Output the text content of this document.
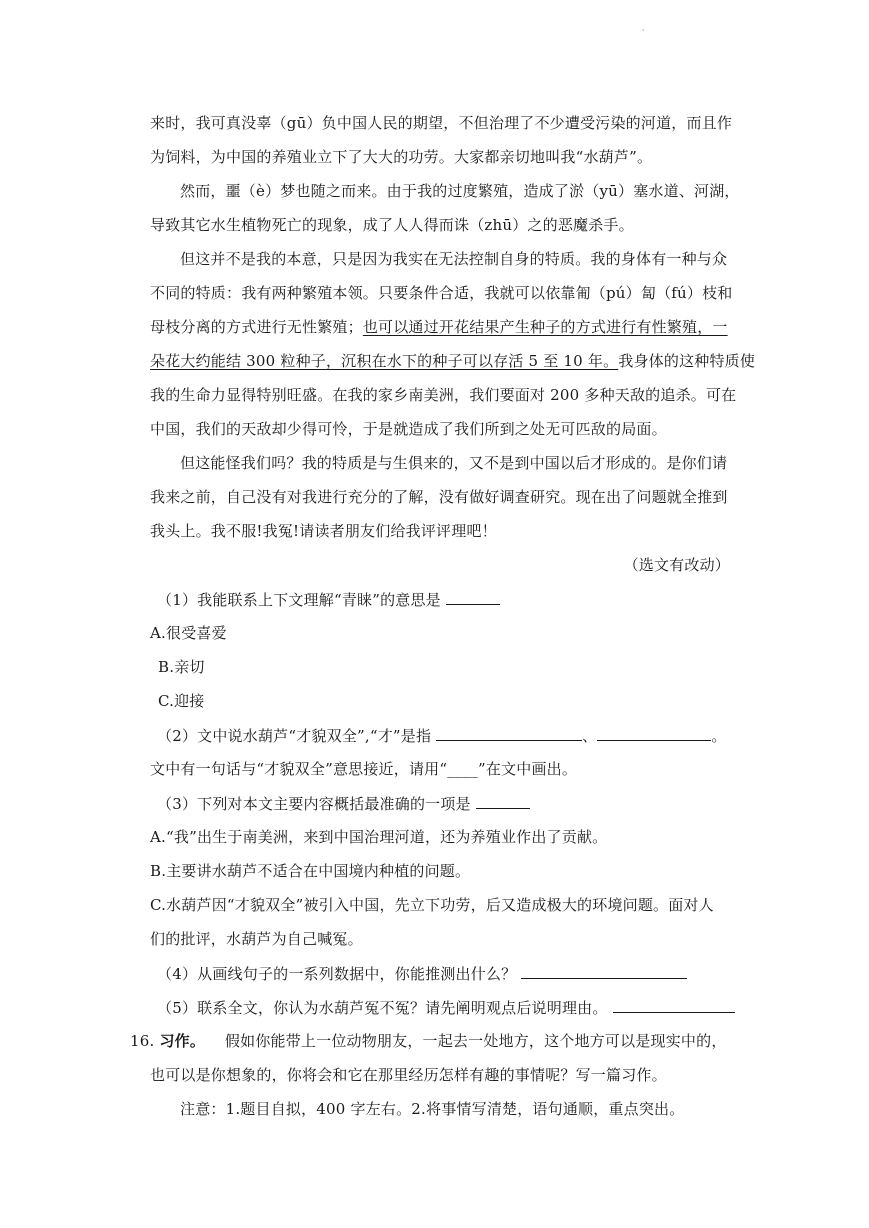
'
来时，我可真没辜（gū）负中国人民的期望，不但治理了不少遭受污染的河道，而且作
为饲料，为中国的养殖业立下了大大的功劳。大家都亲切地叫我“水葫芦”。
然而，噩（è）梦也随之而来。由于我的过度繁殖，造成了淤（yū）塞水道、河湖，
导致其它水生植物死亡的现象，成了人人得而诛（zhū）之的恶魔杀手。
但这并不是我的本意，只是因为我实在无法控制自身的特质。我的身体有一种与众
不同的特质：我有两种繁殖本领。只要条件合适，我就可以依靠匍（pú）匐（fú）枝和
母枝分离的方式进行无性繁殖；也可以通过开花结果产生种子的方式进行有性繁殖，一
朵花大约能结 300 粒种子，沉积在水下的种子可以存活 5 至 10 年。我身体的这种特质使
我的生命力显得特别旺盛。在我的家乡南美洲，我们要面对 200 多种天敌的追杀。可在
中国，我们的天敌却少得可怜，于是就造成了我们所到之处无可匹敌的局面。
但这能怪我们吗？我的特质是与生俱来的，又不是到中国以后才形成的。是你们请
我来之前，自己没有对我进行充分的了解，没有做好调查研究。现在出了问题就全推到
我头上。我不服!我冤!请读者朋友们给我评评理吧！
（选文有改动）
（1）我能联系上下文理解“青睐”的意思是
A.很受喜爱
B.亲切
C.迎接
（2）文中说水葫芦“才貌双全”,“才”是指	、	。
文中有一句话与“才貌双全”意思接近，请用“____”在文中画出。
（3）下列对本文主要内容概括最准确的一项是
A.“我”出生于南美洲，来到中国治理河道，还为养殖业作出了贡献。
B.主要讲水葫芦不适合在中国境内种植的问题。
C.水葫芦因“才貌双全”被引入中国，先立下功劳，后又造成极大的环境问题。面对人
们的批评，水葫芦为自己喊冤。
（4）从画线句子的一系列数据中，你能推测出什么？
（5）联系全文，你认为水葫芦冤不冤？请先阐明观点后说明理由。
16. 习作。 假如你能带上一位动物朋友，一起去一处地方，这个地方可以是现实中的，
也可以是你想象的，你将会和它在那里经历怎样有趣的事情呢？写一篇习作。
注意：1.题目自拟，400 字左右。2.将事情写清楚，语句通顺，重点突出。
